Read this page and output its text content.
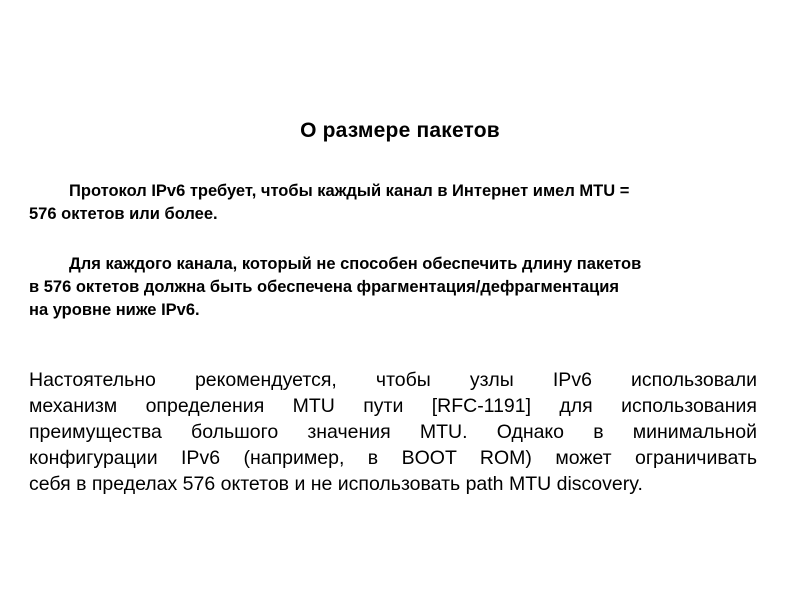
О размере пакетов
Протокол IPv6 требует, чтобы каждый канал в Интернет имел MTU =
576 октетов или более.
Для каждого канала, который не способен обеспечить длину пакетов
в 576 октетов должна быть обеспечена фрагментация/дефрагментация
на уровне ниже IPv6.
Настоятельно рекомендуется, чтобы узлы IPv6 использовали
механизм определения MTU пути [RFC-1191] для использования
преимущества большого значения MTU. Однако в минимальной
конфигурации IPv6 (например, в BOOT ROM) может ограничивать
себя в пределах 576 октетов и не использовать path MTU discovery.
